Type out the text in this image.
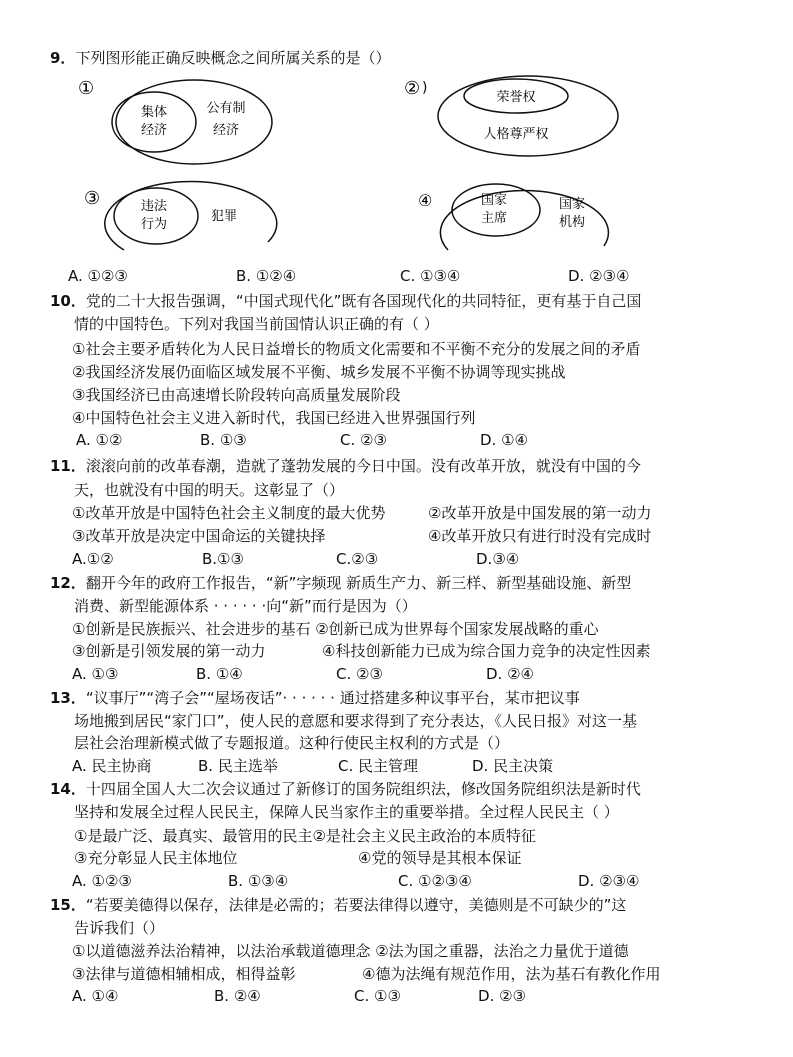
9．下列图形能正确反映概念之间所属关系的是（）
①
集体
经济
公有制
经济
② )
荣誉权
人格尊严权
③	违法
行为
犯罪
④	国家
主席
国家
机构
A. ①②③	B. ①②④	C. ①③④	D. ②③④
10．党的二十大报告强调，“中国式现代化”既有各国现代化的共同特征，更有基于自己国
情的中国特色。下列对我国当前国情认识正确的有（ ）
①社会主要矛盾转化为人民日益增长的物质文化需要和不平衡不充分的发展之间的矛盾
②我国经济发展仍面临区域发展不平衡、城乡发展不平衡不协调等现实挑战
③我国经济已由高速增长阶段转向高质量发展阶段
④中国特色社会主义进入新时代，我国已经进入世界强国行列
A. ①②	B. ①③	C. ②③	D. ①④
11．滚滚向前的改革春潮，造就了蓬勃发展的今日中国。没有改革开放，就没有中国的今
天，也就没有中国的明天。这彰显了（）
①改革开放是中国特色社会主义制度的最大优势	②改革开放是中国发展的第一动力
③改革开放是决定中国命运的关键抉择	④改革开放只有进行时没有完成时
A.①②	B.①③	C.②③	D.③④
12．翻开今年的政府工作报告，“新”字频现 新质生产力、新三样、新型基础设施、新型
消费、新型能源体系 · · · · · ·向“新”而行是因为（）
①创新是民族振兴、社会进步的基石 ②创新已成为世界每个国家发展战略的重心
③创新是引领发展的第一动力	④科技创新能力已成为综合国力竞争的决定性因素
A. ①③	B. ①④	C. ②③	D. ②④
13．“议事厅”“湾子会”“屋场夜话”· · · · · · 通过搭建多种议事平台，某市把议事
场地搬到居民“家门口”，使人民的意愿和要求得到了充分表达，《人民日报》对这一基
层社会治理新模式做了专题报道。这种行使民主权利的方式是（）
A. 民主协商	B. 民主选举	C. 民主管理	D. 民主决策
14．十四届全国人大二次会议通过了新修订的国务院组织法，修改国务院组织法是新时代
坚持和发展全过程人民民主，保障人民当家作主的重要举措。全过程人民民主（ ）
①是最广泛、最真实、最管用的民主②是社会主义民主政治的本质特征
③充分彰显人民主体地位	④党的领导是其根本保证
A. ①②③	B. ①③④	C. ①②③④	D. ②③④
15．“若要美德得以保存，法律是必需的；若要法律得以遵守，美德则是不可缺少的”这
告诉我们（）
①以道德滋养法治精神，以法治承载道德理念 ②法为国之重器，法治之力量优于道德
③法律与道德相辅相成，相得益彰	④德为法绳有规范作用，法为基石有教化作用
A. ①④	B. ②④	C. ①③	D. ②③
